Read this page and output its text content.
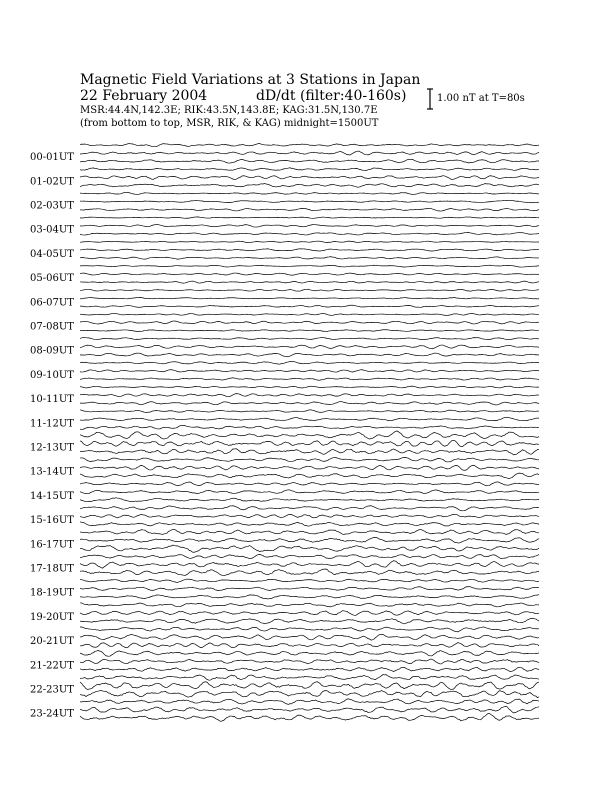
Magnetic Field Variations at 3 Stations in Japan
22 February 2004	dD/dt (filter:40-160s)
MSR:44.4N,142.3E; RIK:43.5N,143.8E; KAG:31.5N,130.7E
(from bottom to top, MSR, RIK, & KAG) midnight=1500UT
1.00 nT at T=80s
00-01UT
01-02UT
02-03UT
03-04UT
04-05UT
05-06UT
06-07UT
07-08UT
08-09UT
09-10UT
10-11UT
11-12UT
12-13UT
13-14UT
14-15UT
15-16UT
16-17UT
17-18UT
18-19UT
19-20UT
20-21UT
21-22UT
22-23UT
23-24UT
